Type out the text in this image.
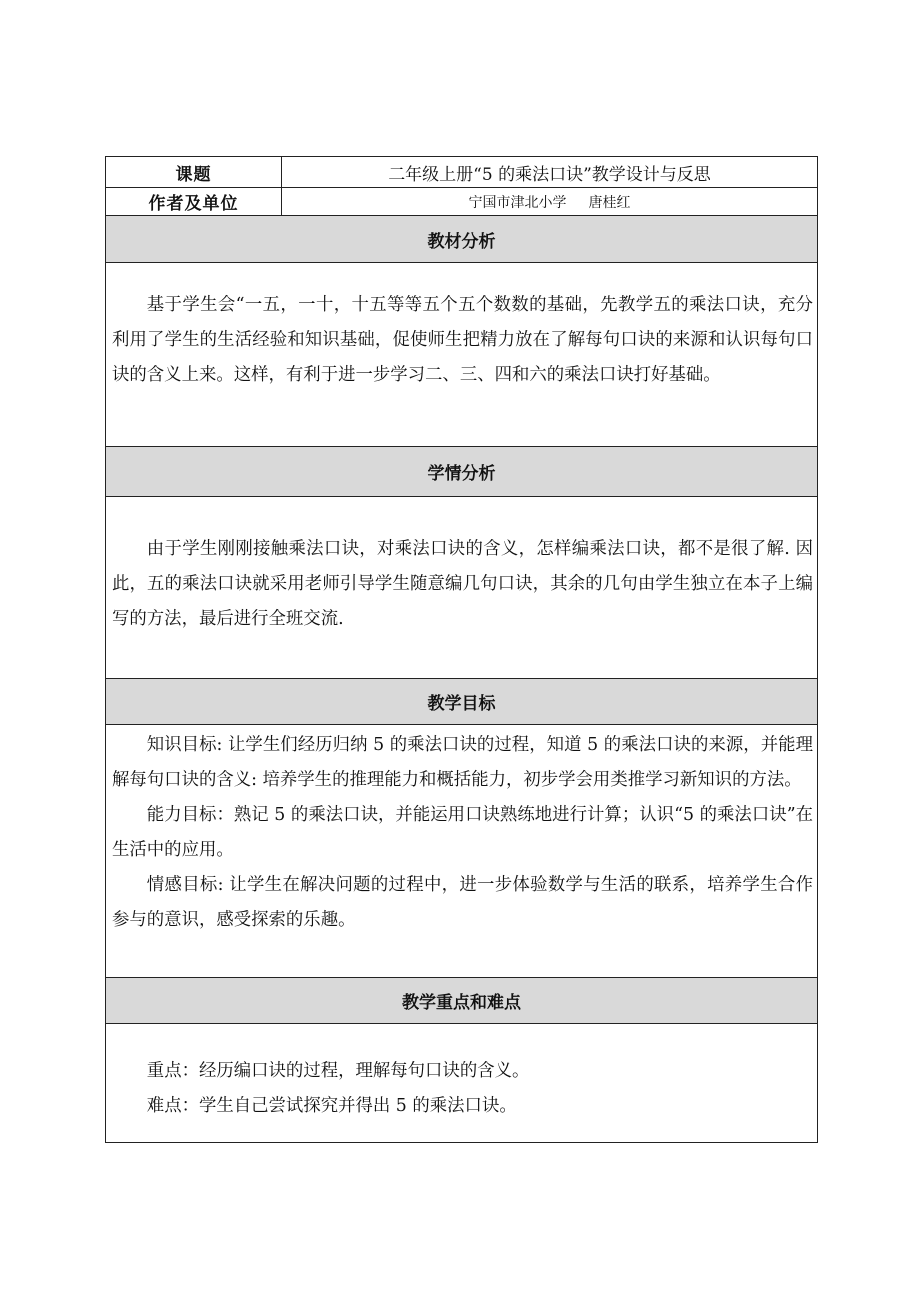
课题	二年级上册“5 的乘法口诀”教学设计与反思
作者及单位	宁国市津北小学 唐桂红
教材分析	

基于学生会“一五，一十，十五等等五个五个数数的基础，先教学五的乘法口诀，充分利用了学生的生活经验和知识基础，促使师生把精力放在了解每句口诀的来源和认识每句口诀的含义上来。这样，有利于进一步学习二、三、四和六的乘法口诀打好基础。	

学情分析	

由于学生刚刚接触乘法口诀，对乘法口诀的含义，怎样编乘法口诀，都不是很了解. 因此，五的乘法口诀就采用老师引导学生随意编几句口诀，其余的几句由学生独立在本子上编写的方法，最后进行全班交流.	

教学目标	

知识目标: 让学生们经历归纳 5 的乘法口诀的过程，知道 5 的乘法口诀的来源，并能理解每句口诀的含义: 培养学生的推理能力和概括能力，初步学会用类推学习新知识的方法。

能力目标：熟记 5 的乘法口诀，并能运用口诀熟练地进行计算；认识“5 的乘法口诀”在生活中的应用。

情感目标: 让学生在解决问题的过程中，进一步体验数学与生活的联系，培养学生合作参与的意识，感受探索的乐趣。	

教学重点和难点	

重点：经历编口诀的过程，理解每句口诀的含义。

难点：学生自己尝试探究并得出 5 的乘法口诀。	
